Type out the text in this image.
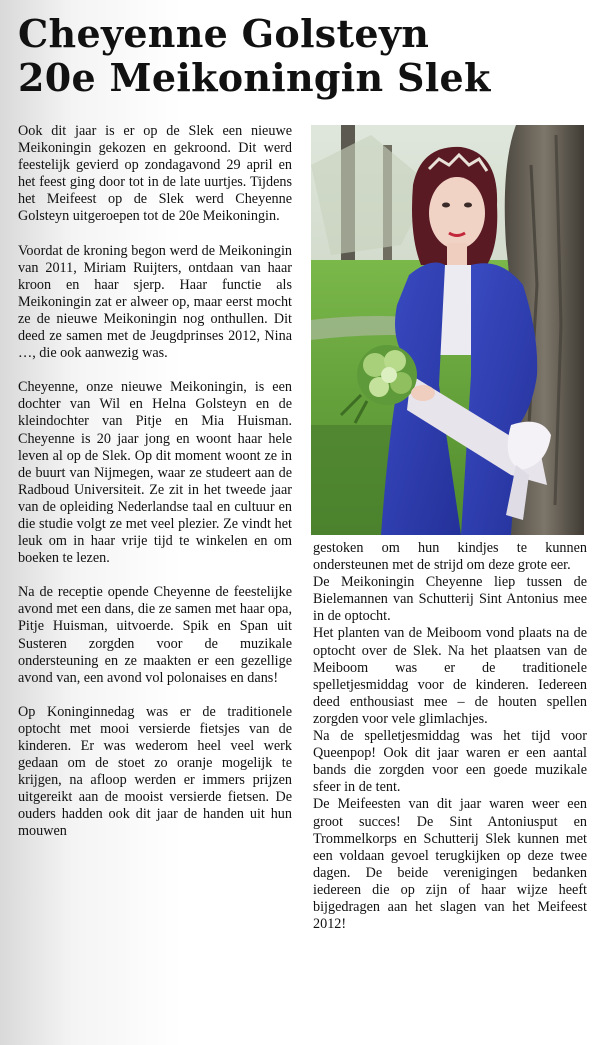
Cheyenne Golsteyn
20e Meikoningin Slek

Ook dit jaar is er op de Slek een nieuwe Meikoningin gekozen en gekroond. Dit werd feestelijk gevierd op zondagavond 29 april en het feest ging door tot in de late uurtjes. Tijdens het Meifeest op de Slek werd Cheyenne Golsteyn uitgeroepen tot de 20e Meikoningin.

Voordat de kroning begon werd de Meikoningin van 2011, Miriam Ruijters, ontdaan van haar kroon en haar sjerp. Haar functie als Meikoningin zat er alweer op, maar eerst mocht ze de nieuwe Meikoningin nog onthullen. Dit deed ze samen met de Jeugdprinses 2012, Nina …, die ook aanwezig was.

Cheyenne, onze nieuwe Meikoningin, is een dochter van Wil en Helna Golsteyn en de kleindochter van Pitje en Mia Huisman. Cheyenne is 20 jaar jong en woont haar hele leven al op de Slek. Op dit moment woont ze in de buurt van Nijmegen, waar ze studeert aan de Radboud Universiteit. Ze zit in het tweede jaar van de opleiding Nederlandse taal en cultuur en die studie volgt ze met veel plezier. Ze vindt het leuk om in haar vrije tijd te winkelen en om boeken te lezen.

Na de receptie opende Cheyenne de feestelijke avond met een dans, die ze samen met haar opa, Pitje Huisman, uitvoerde. Spik en Span uit Susteren zorgden voor de muzikale ondersteuning en ze maakten er een gezellige avond van, een avond vol polonaises en dans!

Op Koninginnedag was er de traditionele optocht met mooi versierde fietsjes van de kinderen. Er was wederom heel veel werk gedaan om de stoet zo oranje mogelijk te krijgen, na afloop werden er immers prijzen uitgereikt aan de mooist versierde fietsen. De ouders hadden ook dit jaar de handen uit hun mouwen

gestoken om hun kindjes te kunnen ondersteunen met de strijd om deze grote eer.

De Meikoningin Cheyenne liep tussen de Bielemannen van Schutterij Sint Antonius mee in de optocht.

Het planten van de Meiboom vond plaats na de optocht over de Slek. Na het plaatsen van de Meiboom was er de traditionele spelletjesmiddag voor de kinderen. Iedereen deed enthousiast mee – de houten spellen zorgden voor vele glimlachjes.

Na de spelletjesmiddag was het tijd voor Queenpop! Ook dit jaar waren er een aantal bands die zorgden voor een goede muzikale sfeer in de tent.

De Meifeesten van dit jaar waren weer een groot succes! De Sint Antoniusput en Trommelkorps en Schutterij Slek kunnen met een voldaan gevoel terugkijken op deze twee dagen. De beide verenigingen bedanken iedereen die op zijn of haar wijze heeft bijgedragen aan het slagen van het Meifeest 2012!
